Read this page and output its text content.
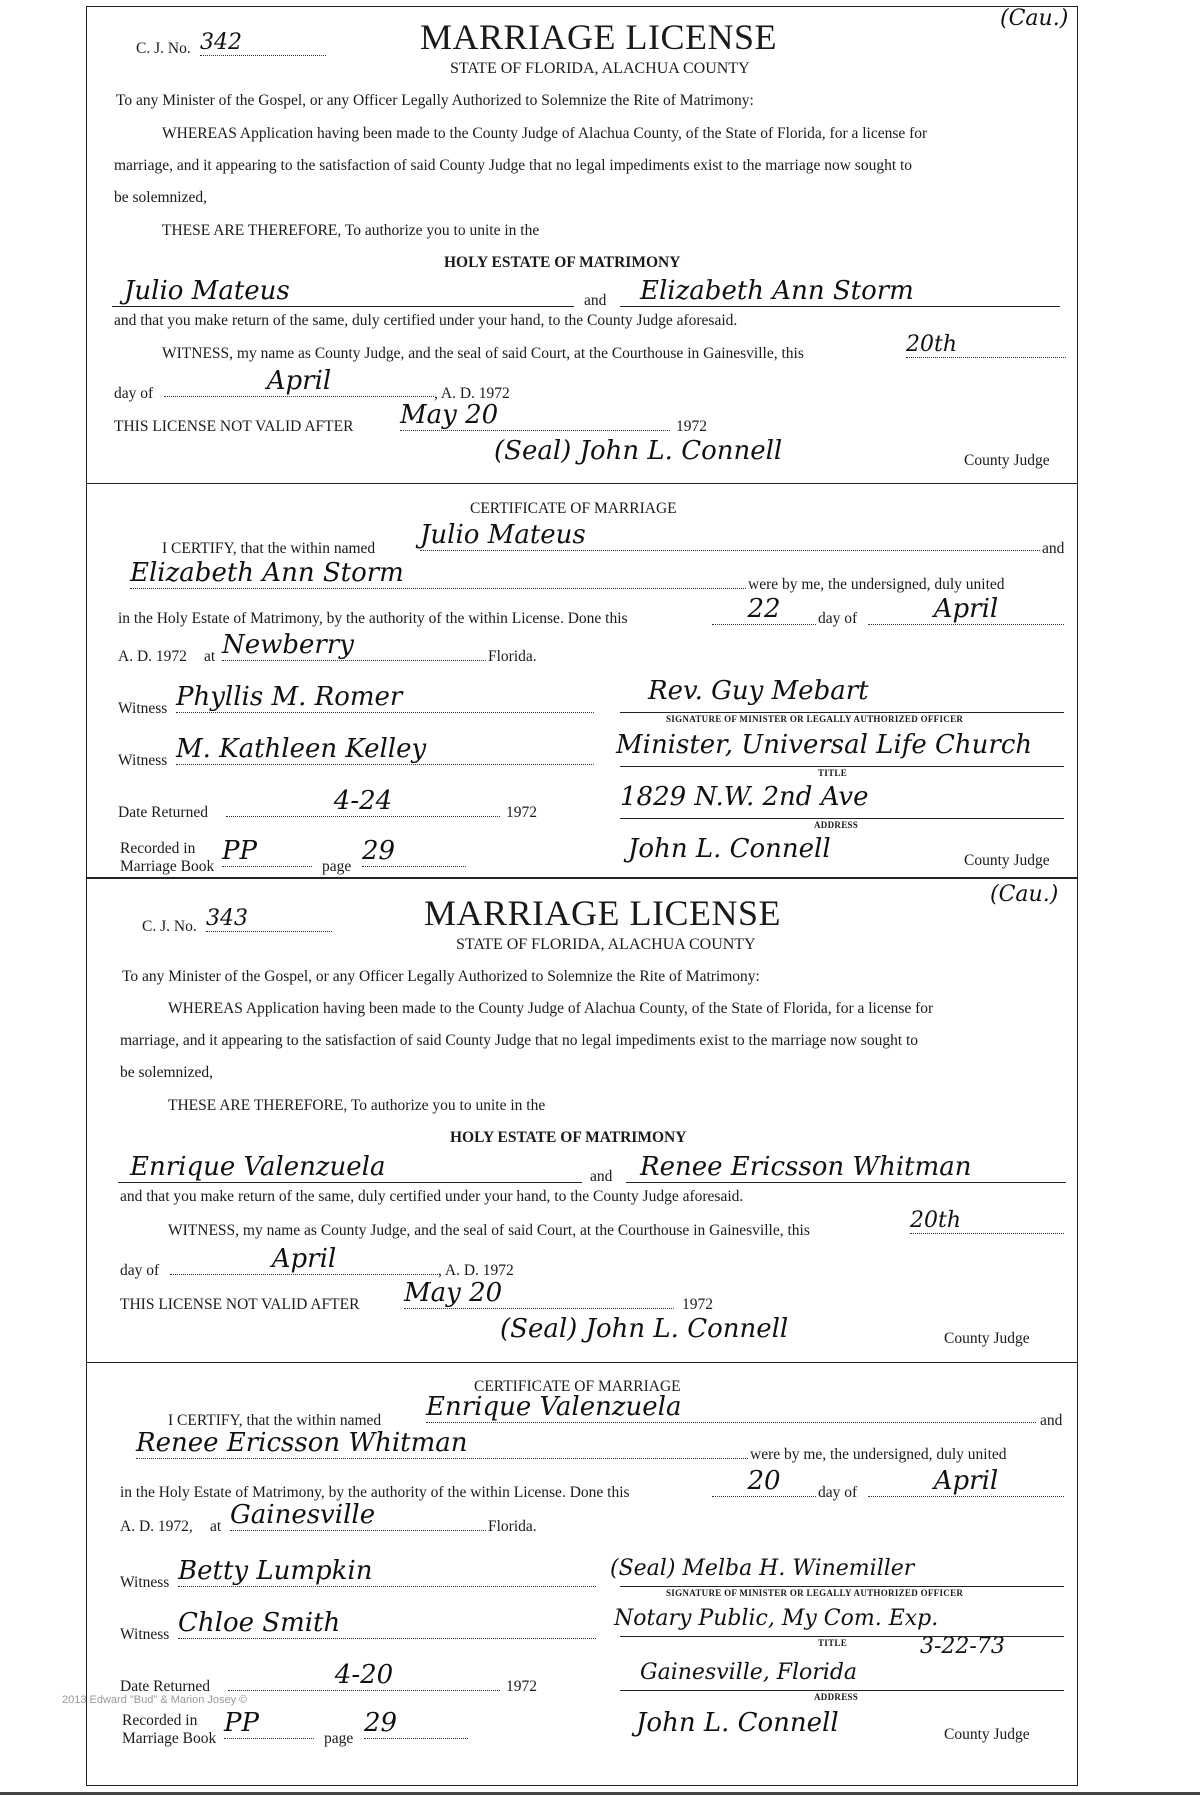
C. J. No. 342	MARRIAGE LICENSE	(Cau.)
STATE OF FLORIDA, ALACHUA COUNTY
To any Minister of the Gospel, or any Officer Legally Authorized to Solemnize the Rite of Matrimony:
WHEREAS Application having been made to the County Judge of Alachua County, of the State of Florida, for a license for
marriage, and it appearing to the satisfaction of said County Judge that no legal impediments exist to the marriage now sought to
be solemnized,
THESE ARE THEREFORE, To authorize you to unite in the
HOLY ESTATE OF MATRIMONY
Julio Mateus	and Elizabeth Ann Storm
and that you make return of the same, duly certified under your hand, to the County Judge aforesaid.
WITNESS, my name as County Judge, and the seal of said Court, at the Courthouse in Gainesville, this	20th
day of	April	, A. D. 1972
THIS LICENSE NOT VALID AFTER May 20	1972
(Seal) John L. Connell	County Judge
CERTIFICATE OF MARRIAGE
I CERTIFY, that the within named Julio Mateus	and
Elizabeth Ann Storm	were by me, the undersigned, duly united
in the Holy Estate of Matrimony, by the authority of the within License. Done this	22	day of	April
A. D. 1972 at Newberry	Florida.
Witness Phyllis M. Romer	Rev. Guy Mebart
SIGNATURE OF MINISTER OR LEGALLY AUTHORIZED OFFICER
Witness M. Kathleen Kelley	Minister, Universal Life Church
TITLE
Date Returned	4-24	1972
1829 N.W. 2nd Ave
ADDRESS
Recorded in
Marriage Book
PP
page
29	John L. Connell	County Judge
C. J. No. 343	MARRIAGE LICENSE	(Cau.)
STATE OF FLORIDA, ALACHUA COUNTY
To any Minister of the Gospel, or any Officer Legally Authorized to Solemnize the Rite of Matrimony:
WHEREAS Application having been made to the County Judge of Alachua County, of the State of Florida, for a license for
marriage, and it appearing to the satisfaction of said County Judge that no legal impediments exist to the marriage now sought to
be solemnized,
THESE ARE THEREFORE, To authorize you to unite in the
HOLY ESTATE OF MATRIMONY
Enrique Valenzuela	and Renee Ericsson Whitman
and that you make return of the same, duly certified under your hand, to the County Judge aforesaid.
WITNESS, my name as County Judge, and the seal of said Court, at the Courthouse in Gainesville, this	20th
day of	April	, A. D. 1972
THIS LICENSE NOT VALID AFTER May 20	1972
(Seal) John L. Connell	County Judge
CERTIFICATE OF MARRIAGE
I CERTIFY, that the within named Enrique Valenzuela	and
Renee Ericsson Whitman	were by me, the undersigned, duly united
in the Holy Estate of Matrimony, by the authority of the within License. Done this	20	day of	April
A. D. 1972, at Gainesville	Florida.
Witness Betty Lumpkin	(Seal) Melba H. Winemiller
SIGNATURE OF MINISTER OR LEGALLY AUTHORIZED OFFICER
Witness Chloe Smith	Notary Public, My Com. Exp.
3-22-73
TITLE
Date Returned	4-20	1972
Gainesville, Florida
ADDRESS
Recorded in
Marriage Book
PP
page
29	John L. Connell	County Judge
2013 Edward "Bud" & Marion Josey ©
